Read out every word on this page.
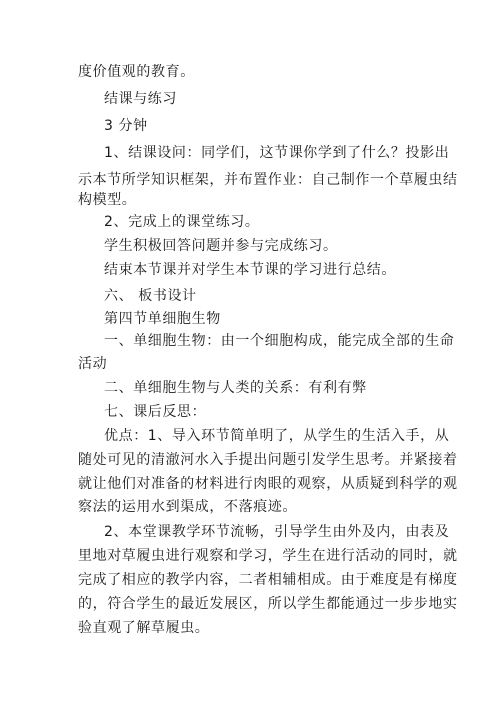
度价值观的教育。
结课与练习
3 分钟
1、结课设问：同学们，这节课你学到了什么？投影出
示本节所学知识框架，并布置作业：自己制作一个草履虫结
构模型。
2、完成上的课堂练习。
学生积极回答问题并参与完成练习。
结束本节课并对学生本节课的学习进行总结。
六、 板书设计
第四节单细胞生物
一、单细胞生物：由一个细胞构成，能完成全部的生命
活动
二、单细胞生物与人类的关系：有利有弊
七、课后反思：
优点：1、导入环节简单明了，从学生的生活入手，从
随处可见的清澈河水入手提出问题引发学生思考。并紧接着
就让他们对准备的材料进行肉眼的观察，从质疑到科学的观
察法的运用水到渠成，不落痕迹。
2、本堂课教学环节流畅，引导学生由外及内，由表及
里地对草履虫进行观察和学习，学生在进行活动的同时，就
完成了相应的教学内容，二者相辅相成。由于难度是有梯度
的，符合学生的最近发展区，所以学生都能通过一步步地实
验直观了解草履虫。
